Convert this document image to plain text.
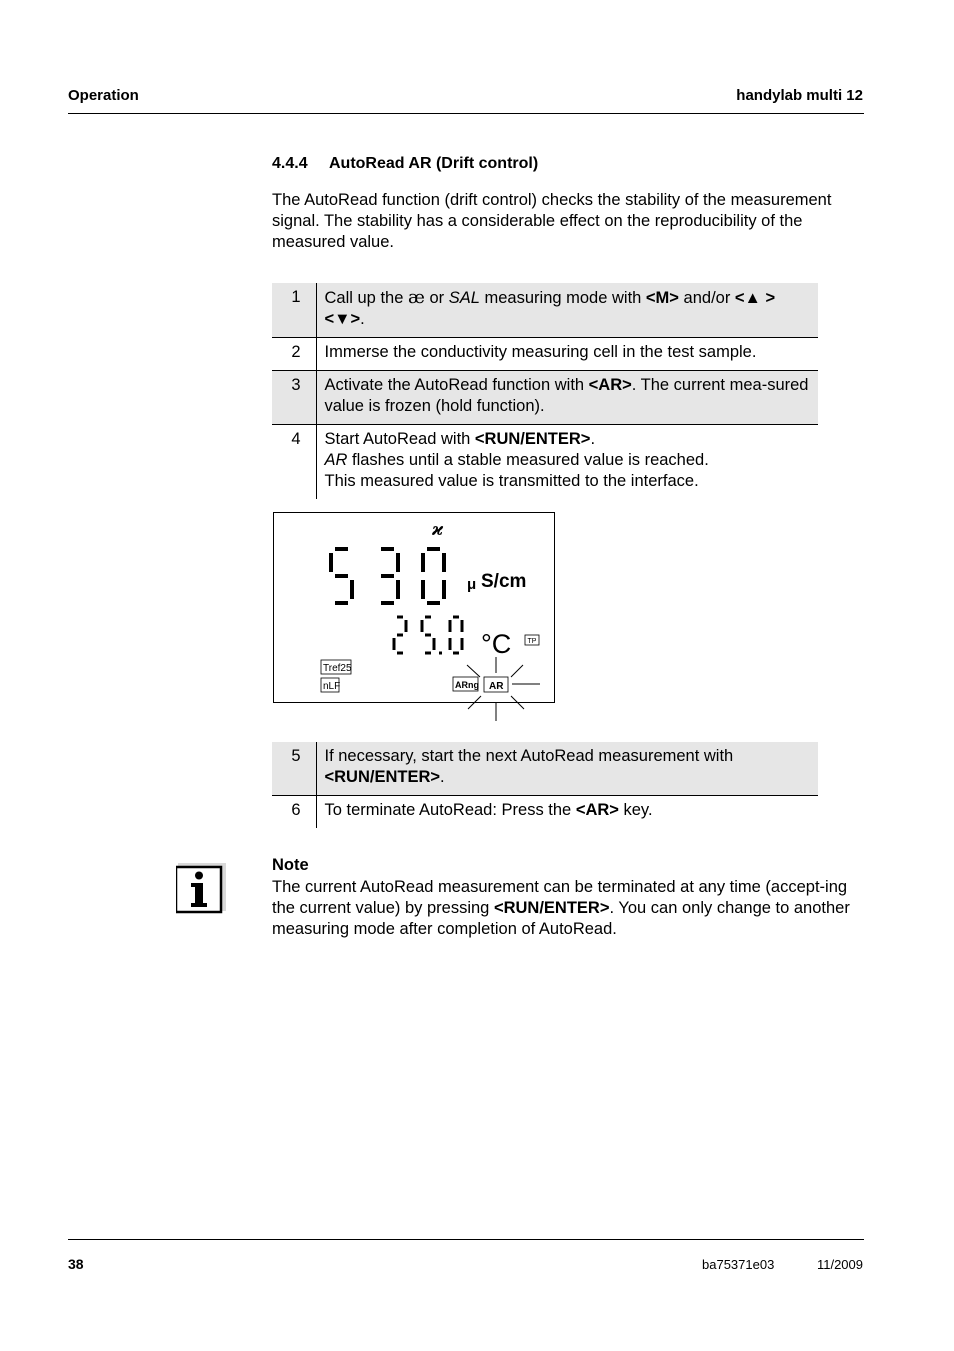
Operation	handylab multi 12
4.4.4 AutoRead AR (Drift control)
The AutoRead function (drift control) checks the stability of the measurement signal. The stability has a considerable effect on the reproducibility of the measured value.
1	Call up the æ or SAL measuring mode with <M> and/or <▲ > <▼>.
2	Immerse the conductivity measuring cell in the test sample.
3	Activate the AutoRead function with <AR>. The current mea-sured value is frozen (hold function).
4	Start AutoRead with <RUN/ENTER>.
AR flashes until a stable measured value is reached.
This measured value is transmitted to the interface.
ϰ
μ S/cm
°C TP
Tref25
nLF	ARng AR
5	If necessary, start the next AutoRead measurement with
<RUN/ENTER>.
6	To terminate AutoRead: Press the <AR> key.
Note
The current AutoRead measurement can be terminated at any time (accept-ing the current value) by pressing <RUN/ENTER>. You can only change to another measuring mode after completion of AutoRead.
38	ba75371e03	11/2009
